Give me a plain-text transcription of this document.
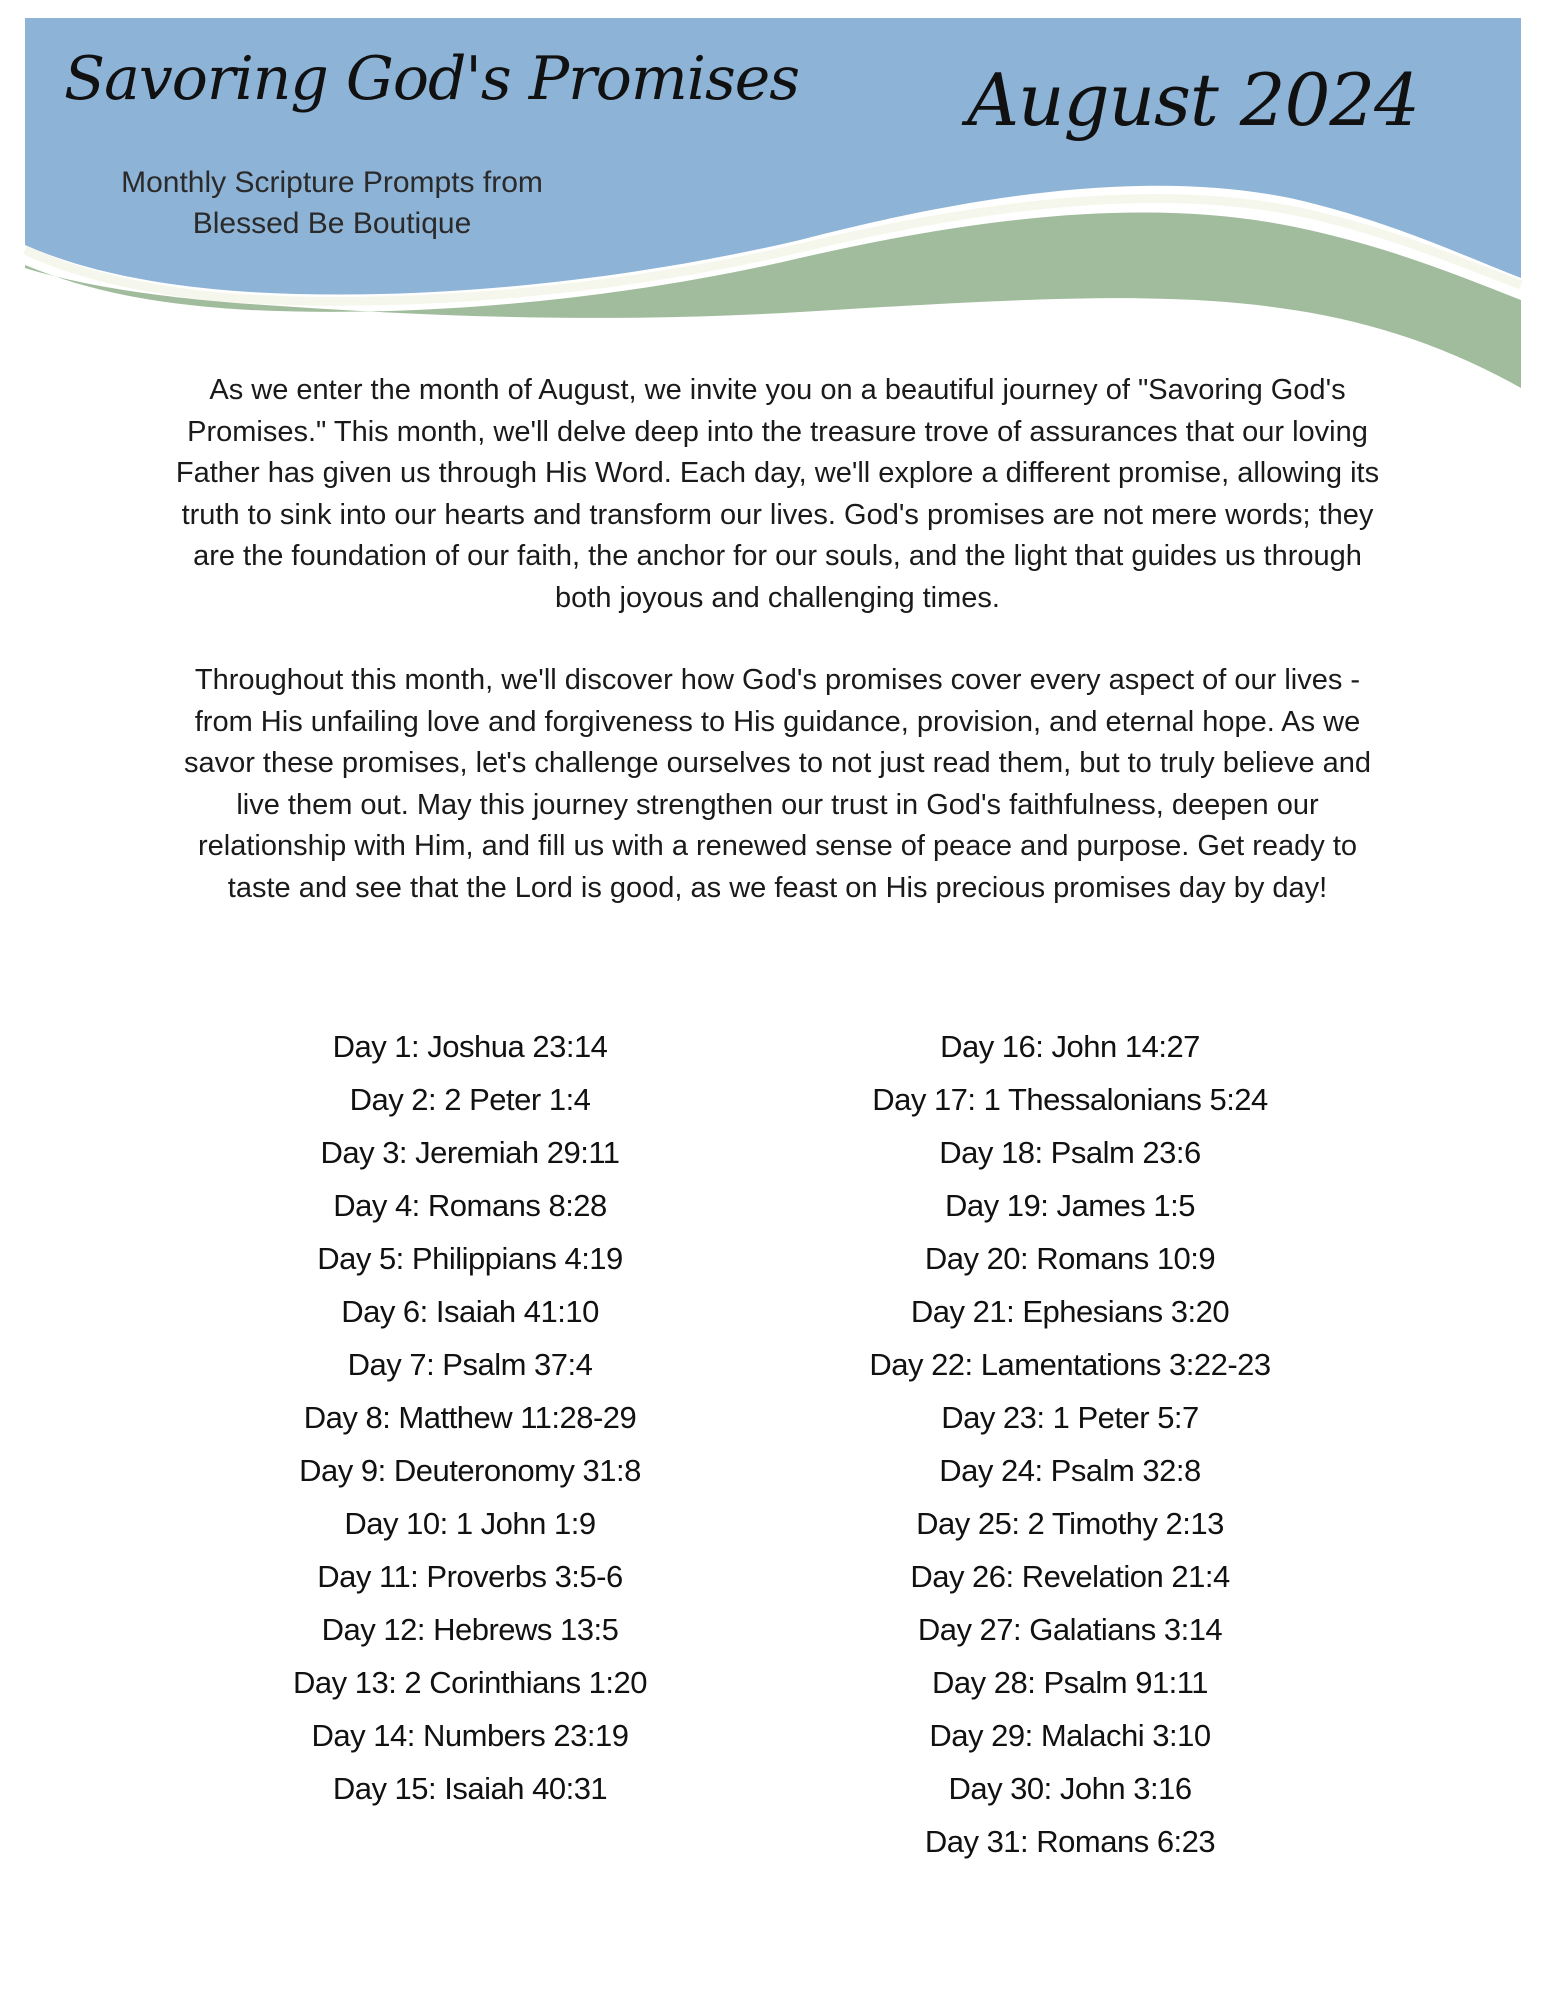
Savoring God's Promises
Monthly Scripture Prompts from
Blessed Be Boutique
August 2024

As we enter the month of August, we invite you on a beautiful journey of "Savoring God's Promises." This month, we'll delve deep into the treasure trove of assurances that our loving Father has given us through His Word. Each day, we'll explore a different promise, allowing its truth to sink into our hearts and transform our lives. God's promises are not mere words; they are the foundation of our faith, the anchor for our souls, and the light that guides us through both joyous and challenging times.

Throughout this month, we'll discover how God's promises cover every aspect of our lives - from His unfailing love and forgiveness to His guidance, provision, and eternal hope. As we savor these promises, let's challenge ourselves to not just read them, but to truly believe and live them out. May this journey strengthen our trust in God's faithfulness, deepen our relationship with Him, and fill us with a renewed sense of peace and purpose. Get ready to taste and see that the Lord is good, as we feast on His precious promises day by day!

Day 1: Joshua 23:14
Day 2: 2 Peter 1:4
Day 3: Jeremiah 29:11
Day 4: Romans 8:28
Day 5: Philippians 4:19
Day 6: Isaiah 41:10
Day 7: Psalm 37:4
Day 8: Matthew 11:28-29
Day 9: Deuteronomy 31:8
Day 10: 1 John 1:9
Day 11: Proverbs 3:5-6
Day 12: Hebrews 13:5
Day 13: 2 Corinthians 1:20
Day 14: Numbers 23:19
Day 15: Isaiah 40:31
Day 16: John 14:27
Day 17: 1 Thessalonians 5:24
Day 18: Psalm 23:6
Day 19: James 1:5
Day 20: Romans 10:9
Day 21: Ephesians 3:20
Day 22: Lamentations 3:22-23
Day 23: 1 Peter 5:7
Day 24: Psalm 32:8
Day 25: 2 Timothy 2:13
Day 26: Revelation 21:4
Day 27: Galatians 3:14
Day 28: Psalm 91:11
Day 29: Malachi 3:10
Day 30: John 3:16
Day 31: Romans 6:23
